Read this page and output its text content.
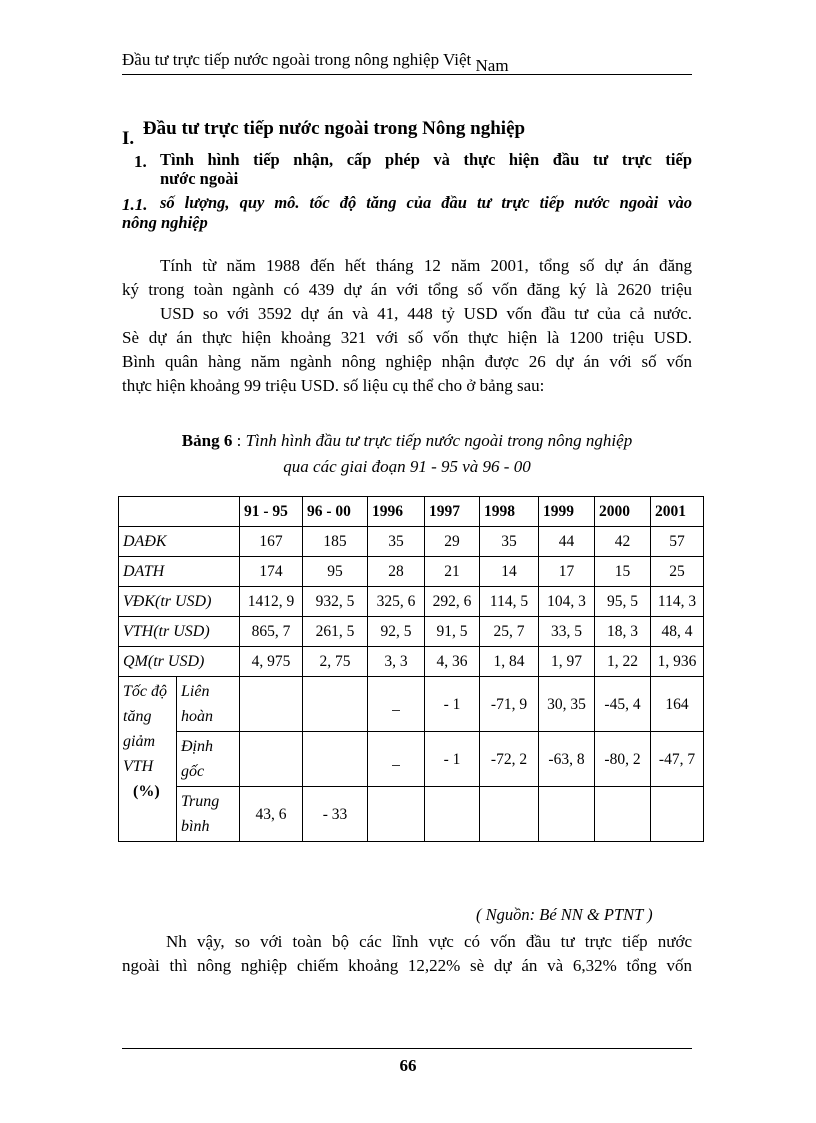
Đầu tư trực tiếp nước ngoài trong nông nghiệp Việt Nam
I. Đầu tư trực tiếp nước ngoài trong Nông nghiệp
1. Tình hình tiếp nhận, cấp phép và thực hiện đầu tư trực tiếp
nước ngoài
1.1. số lượng, quy mô. tốc độ tăng của đầu tư trực tiếp nước ngoài vào
nông nghiệp
Tính từ năm 1988 đến hết tháng 12 năm 2001, tổng số dự án đăng
ký trong toàn ngành có 439 dự án với tổng số vốn đăng ký là 2620 triệu
USD so với 3592 dự án và 41, 448 tỷ USD vốn đầu tư của cả nước.
Sè dự án thực hiện khoảng 321 với số vốn thực hiện là 1200 triệu USD.
Bình quân hàng năm ngành nông nghiệp nhận được 26 dự án với số vốn
thực hiện khoảng 99 triệu USD. số liệu cụ thể cho ở bảng sau:
Bảng 6 : Tình hình đầu tư trực tiếp nước ngoài trong nông nghiệp
qua các giai đoạn 91 - 95 và 96 - 00
		91 - 95	96 - 00	1996	1997	1998	1999	2000	2001
DAĐK		167	185	35	29	35	44	42	57
DATH		174	95	28	21	14	17	15	25
VĐK(tr USD)		1412, 9	932, 5	325, 6	292, 6	114, 5	104, 3	95, 5	114, 3
VTH(tr USD)		865, 7	261, 5	92, 5	91, 5	25, 7	33, 5	18, 3	48, 4
QM(tr USD)		4, 975	2, 75	3, 3	4, 36	1, 84	1, 97	1, 22	1, 936
Tốc độ tăng giảm VTH
(%)	Liên hoàn			_	- 1	-71, 9	30, 35	-45, 4	164
	Định gốc			_	- 1	-72, 2	-63, 8	-80, 2	-47, 7
	Trung bình	43, 6	- 33						
( Nguồn: Bé NN & PTNT )
Nh vậy, so với toàn bộ các lĩnh vực có vốn đầu tư trực tiếp nước
ngoài thì nông nghiệp chiếm khoảng 12,22% sè dự án và 6,32% tổng vốn
66
